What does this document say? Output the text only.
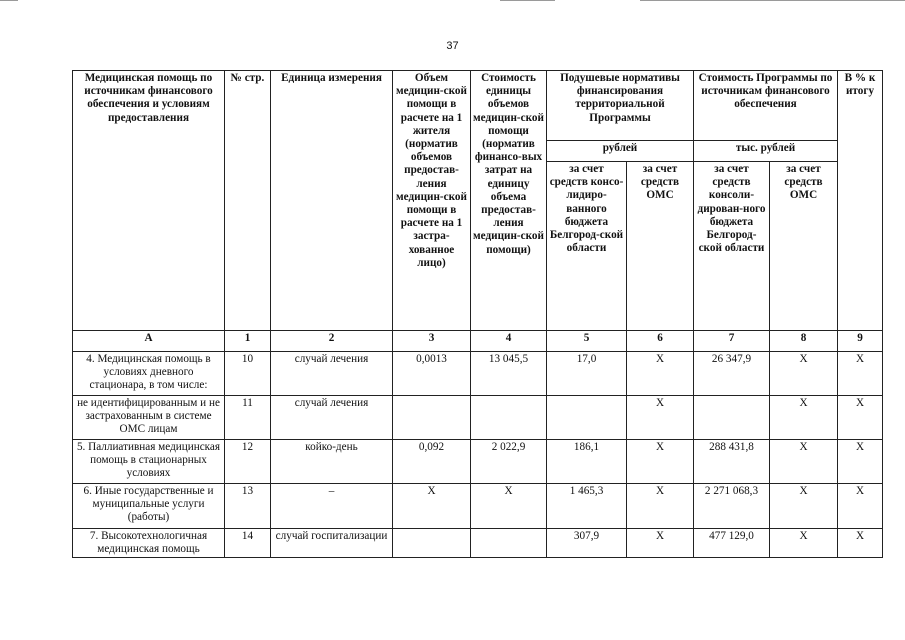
37
Медицинская помощь по источникам финансового обеспечения и условиям предоставления	№ стр.	Единица измерения	Объем медицин-ской помощи в расчете на 1 жителя (норматив объемов предостав-ления медицин-ской помощи в расчете на 1 застра-хованное лицо)	Стоимость единицы объемов медицин-ской помощи (норматив финансо-вых затрат на единицу объема предостав-ления медицин-ской помощи)	Подушевые нормативы финансирования территориальной Программы		Стоимость Программы по источникам финансового обеспечения		В % к итогу
					рублей		тыс. рублей		
					за счет средств консо-лидиро-ванного бюджета Белгород-ской области	за счет средств ОМС	за счет средств консоли-дирован-ного бюджета Белгород-ской области	за счет средств ОМС	
А	1	2	3	4	5	6	7	8	9
4. Медицинская помощь в условиях дневного стационара, в том числе:	10	случай лечения	0,0013	13 045,5	17,0	Х	26 347,9	Х	Х
не идентифицированным и не застрахованным в системе ОМС лицам	11	случай лечения				Х		Х	Х
5. Паллиативная медицинская помощь в стационарных условиях	12	койко-день	0,092	2 022,9	186,1	Х	288 431,8	Х	Х
6. Иные государственные и муниципальные услуги (работы)	13	–	Х	Х	1 465,3	Х	2 271 068,3	Х	Х
7. Высокотехнологичная медицинская помощь	14	случай госпитализации			307,9	Х	477 129,0	Х	Х
